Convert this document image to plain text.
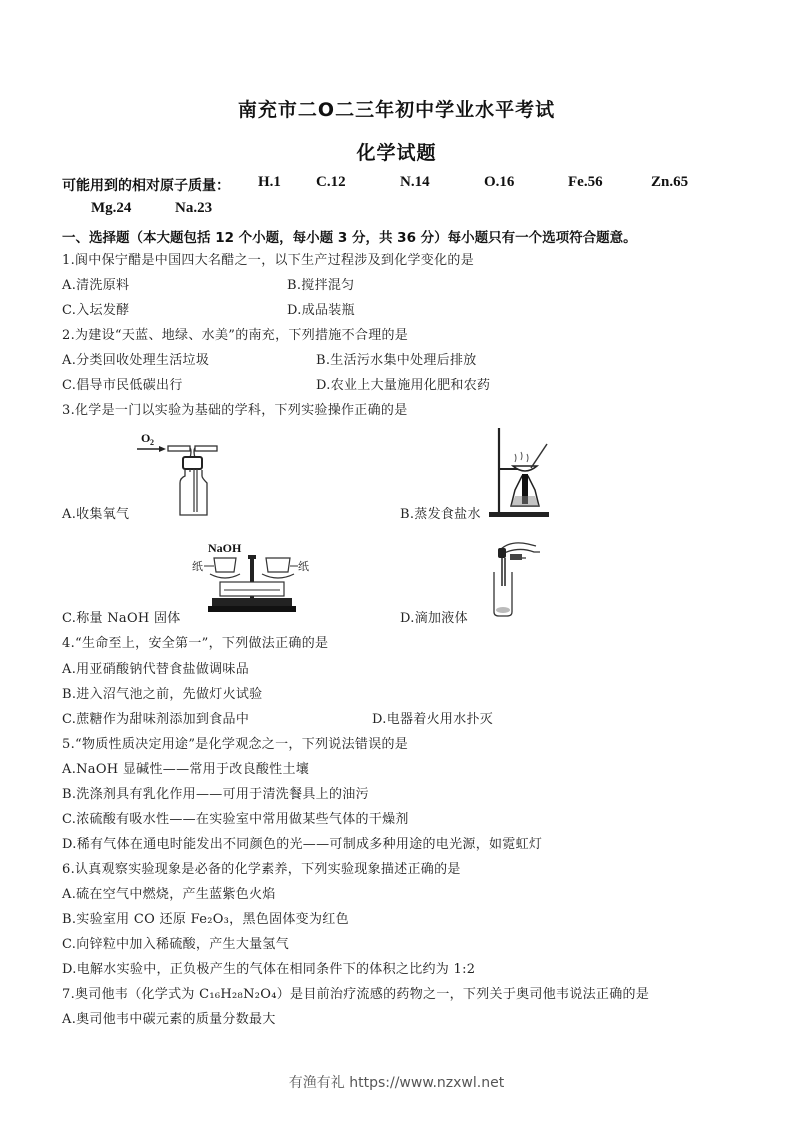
南充市二O二三年初中学业水平考试
化学试题
可能用到的相对原子质量： H.1 C.12	N.14	O.16	Fe.56	Zn.65
Mg.24	Na.23
一、选择题（本大题包括 12 个小题，每小题 3 分，共 36 分）每小题只有一个选项符合题意。
1.阆中保宁醋是中国四大名醋之一，以下生产过程涉及到化学变化的是
A.清洗原料	B.搅拌混匀
C.入坛发酵	D.成品装瓶
2.为建设“天蓝、地绿、水美”的南充，下列措施不合理的是
A.分类回收处理生活垃圾	B.生活污水集中处理后排放
C.倡导市民低碳出行	D.农业上大量施用化肥和农药
3.化学是一门以实验为基础的学科，下列实验操作正确的是
O 2
A.收集氧气	B.蒸发食盐水
NaOH
纸	纸
C.称量 NaOH 固体	D.滴加液体
4.“生命至上，安全第一”，下列做法正确的是
A.用亚硝酸钠代替食盐做调味品
B.进入沼气池之前，先做灯火试验
C.蔗糖作为甜味剂添加到食品中	D.电器着火用水扑灭
5.“物质性质决定用途”是化学观念之一，下列说法错误的是
A.NaOH 显碱性——常用于改良酸性土壤
B.洗涤剂具有乳化作用——可用于清洗餐具上的油污
C.浓硫酸有吸水性——在实验室中常用做某些气体的干燥剂
D.稀有气体在通电时能发出不同颜色的光——可制成多种用途的电光源，如霓虹灯
6.认真观察实验现象是必备的化学素养，下列实验现象描述正确的是
A.硫在空气中燃烧，产生蓝紫色火焰
B.实验室用 CO 还原 Fe₂O₃，黑色固体变为红色
C.向锌粒中加入稀硫酸，产生大量氢气
D.电解水实验中，正负极产生的气体在相同条件下的体积之比约为 1:2
7.奥司他韦（化学式为 C₁₆H₂₈N₂O₄）是目前治疗流感的药物之一，下列关于奥司他韦说法正确的是
A.奥司他韦中碳元素的质量分数最大
有渔有礼 https://www.nzxwl.net
